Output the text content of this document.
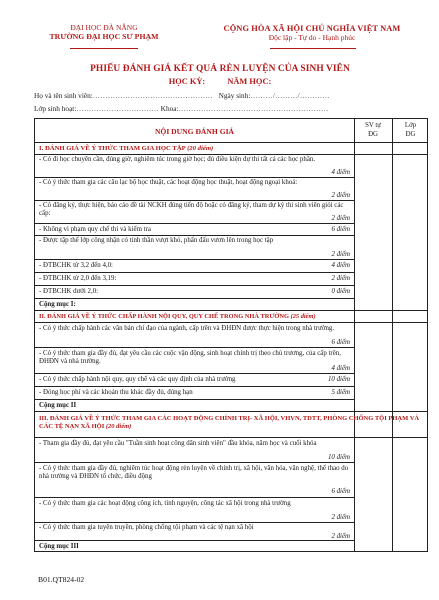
ĐẠI HỌC ĐÀ NẴNG
TRƯỜNG ĐẠI HỌC SƯ PHẠM
CỘNG HÒA XÃ HỘI CHỦ NGHĨA VIỆT NAM
Độc lập - Tự do - Hạnh phúc
PHIẾU ĐÁNH GIÁ KẾT QUẢ RÈN LUYỆN CỦA SINH VIÊN
HỌC KỲ:	NĂM HỌC:
Họ và tên sinh viên:………………………………………… Ngày sinh:………/………/…………
Lớp sinh hoạt:…………………………… Khoa:……………………………………………………
NỘI DUNG ĐÁNH GIÁ
SV tự
ĐG
Lớp
ĐG
I. ĐÁNH GIÁ VỀ Ý THỨC THAM GIA HỌC TẬP (20 điểm)
- Có đi học chuyên cần, đúng giờ, nghiêm túc trong giờ học; đủ điều kiện dự thi tất cả các học phần.
4 điểm
- Có ý thức tham gia các câu lạc bộ học thuật, các hoạt động học thuật, hoạt động ngoại khoá:
2 điểm
- Có đăng ký, thực hiện, báo cáo đề tài NCKH đúng tiến độ hoặc có đăng ký, tham dự kỳ thi sinh viên giỏi các cấp:
2 điểm
- Không vi phạm quy chế thi và kiểm tra	6 điểm
- Được tập thể lớp công nhận có tinh thần vượt khó, phấn đấu vươn lên trong học tập
2 điểm
- ĐTBCHK từ 3,2 đến 4,0:	4 điểm
- ĐTBCHK từ 2,0 đến 3,19:	2 điểm
- ĐTBCHK dưới 2,0:	0 điểm
Cộng mục I:
II. ĐÁNH GIÁ VỀ Ý THỨC CHẤP HÀNH NỘI QUY, QUY CHẾ TRONG NHÀ TRƯỜNG (25 điểm)
- Có ý thức chấp hành các văn bản chỉ đạo của ngành, cấp trên và ĐHĐN được thực hiện trong nhà trường.
6 điểm
- Có ý thức tham gia đầy đủ, đạt yêu cầu các cuộc vận động, sinh hoạt chính trị theo chủ trương, của cấp trên, ĐHĐN và nhà trường.
4 điểm
- Có ý thức chấp hành nội quy, quy chế và các quy định của nhà trường	10 điểm
- Đóng học phí và các khoản thu khác đầy đủ, đúng hạn	5 điểm
Cộng mục II
III. ĐÁNH GIÁ VỀ Ý THỨC THAM GIA CÁC HOẠT ĐỘNG CHÍNH TRỊ- XÃ HỘI, VHVN, TDTT, PHÒNG CHỐNG TỘI PHẠM VÀ CÁC TỆ NẠN XÃ HỘI (20 điểm)
- Tham gia đầy đủ, đạt yêu cầu "Tuần sinh hoạt công dân sinh viên" đầu khóa, năm học và cuối khóa
10 điểm
- Có ý thức tham gia đầy đủ, nghiêm túc hoạt động rèn luyện về chính trị, xã hội, văn hóa, văn nghệ, thể thao do nhà trường và ĐHĐN tổ chức, điều động
6 điểm
- Có ý thức tham gia các hoạt động công ích, tình nguyện, công tác xã hội trong nhà trường
2 điểm
- Có ý thức tham gia tuyên truyền, phòng chống tội phạm và các tệ nạn xã hội
2 điểm
Cộng mục III
B01.QT824-02
